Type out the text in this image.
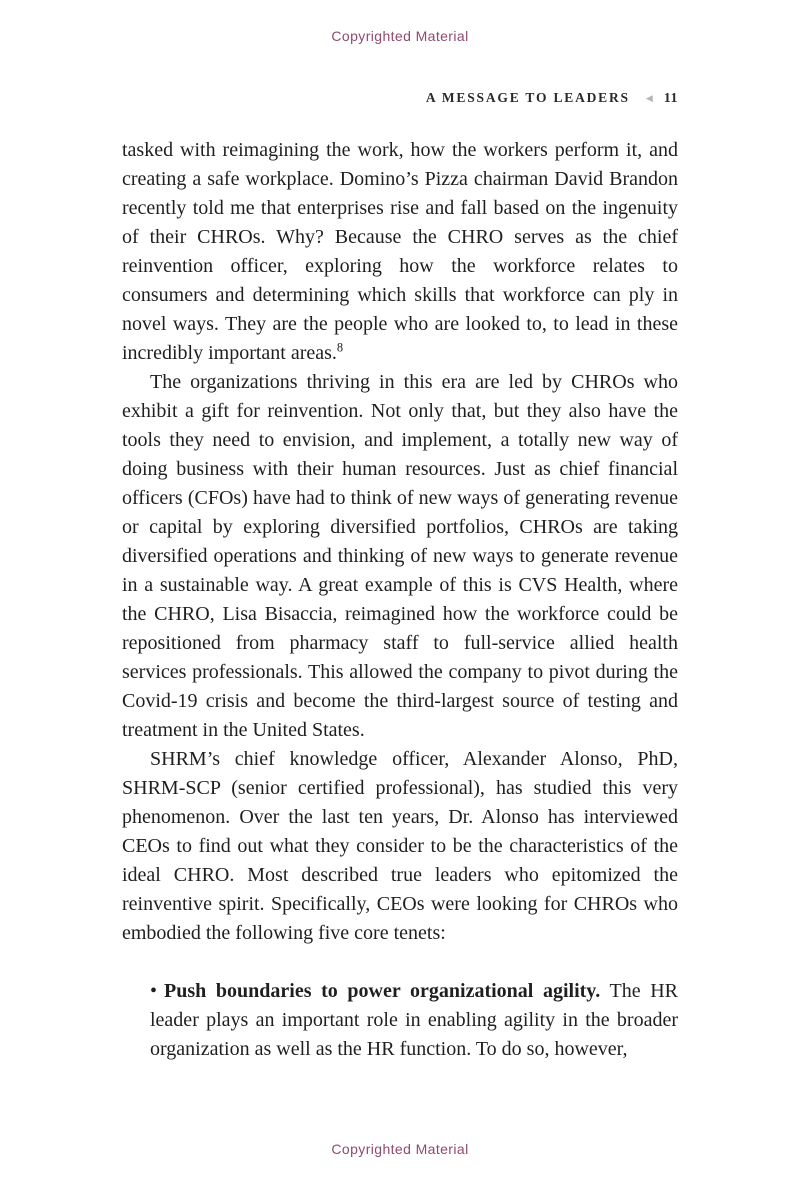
Copyrighted Material
A MESSAGE TO LEADERS ◀ 11

tasked with reimagining the work, how the workers perform it, and creating a safe workplace. Domino’s Pizza chairman David Brandon recently told me that enterprises rise and fall based on the ingenuity of their CHROs. Why? Because the CHRO serves as the chief reinvention officer, exploring how the workforce relates to consumers and determining which skills that workforce can ply in novel ways. They are the people who are looked to, to lead in these incredibly important areas.$^8$

The organizations thriving in this era are led by CHROs who exhibit a gift for reinvention. Not only that, but they also have the tools they need to envision, and implement, a totally new way of doing business with their human resources. Just as chief financial officers (CFOs) have had to think of new ways of generating revenue or capital by exploring diversified portfolios, CHROs are taking diversified operations and thinking of new ways to generate revenue in a sustainable way. A great example of this is CVS Health, where the CHRO, Lisa Bisaccia, reimagined how the workforce could be repositioned from pharmacy staff to full-service allied health services professionals. This allowed the company to pivot during the Covid-19 crisis and become the third-largest source of testing and treatment in the United States.

SHRM’s chief knowledge officer, Alexander Alonso, PhD, SHRM-SCP (senior certified professional), has studied this very phenomenon. Over the last ten years, Dr. Alonso has interviewed CEOs to find out what they consider to be the characteristics of the ideal CHRO. Most described true leaders who epitomized the reinventive spirit. Specifically, CEOs were looking for CHROs who embodied the following five core tenets:

• Push boundaries to power organizational agility. The HR leader plays an important role in enabling agility in the broader organization as well as the HR function. To do so, however,

Copyrighted Material
